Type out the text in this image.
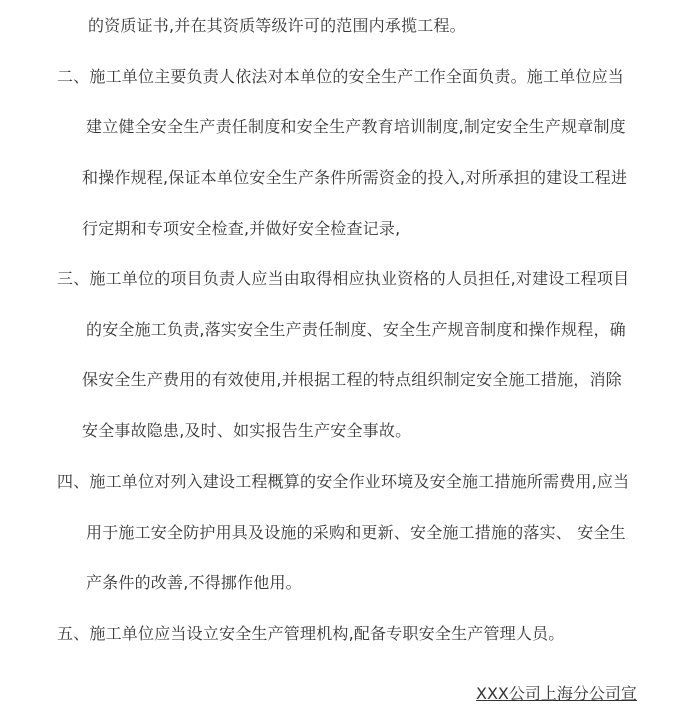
的资质证书,并在其资质等级许可的范围内承揽工程。
二、施工单位主要负责人依法对本单位的安全生产工作全面负责。施工单位应当
建立健全安全生产责任制度和安全生产教育培训制度,制定安全生产规章制度
和操作规程,保证本单位安全生产条件所需资金的投入,对所承担的建设工程进
行定期和专项安全检查,并做好安全检查记录,
三、施工单位的项目负责人应当由取得相应执业资格的人员担任,对建设工程项目
的安全施工负责,落实安全生产责任制度、安全生产规音制度和操作规程，确
保安全生产费用的有效使用,并根据工程的特点组织制定安全施工措施，消除
安全事故隐患,及时、如实报告生产安全事故。
四、施工单位对列入建设工程概算的安全作业环境及安全施工措施所需费用,应当
用于施工安全防护用具及设施的采购和更新、安全施工措施的落实、 安全生
产条件的改善,不得挪作他用。
五、施工单位应当设立安全生产管理机构,配备专职安全生产管理人员。
XXX公司上海分公司宣
